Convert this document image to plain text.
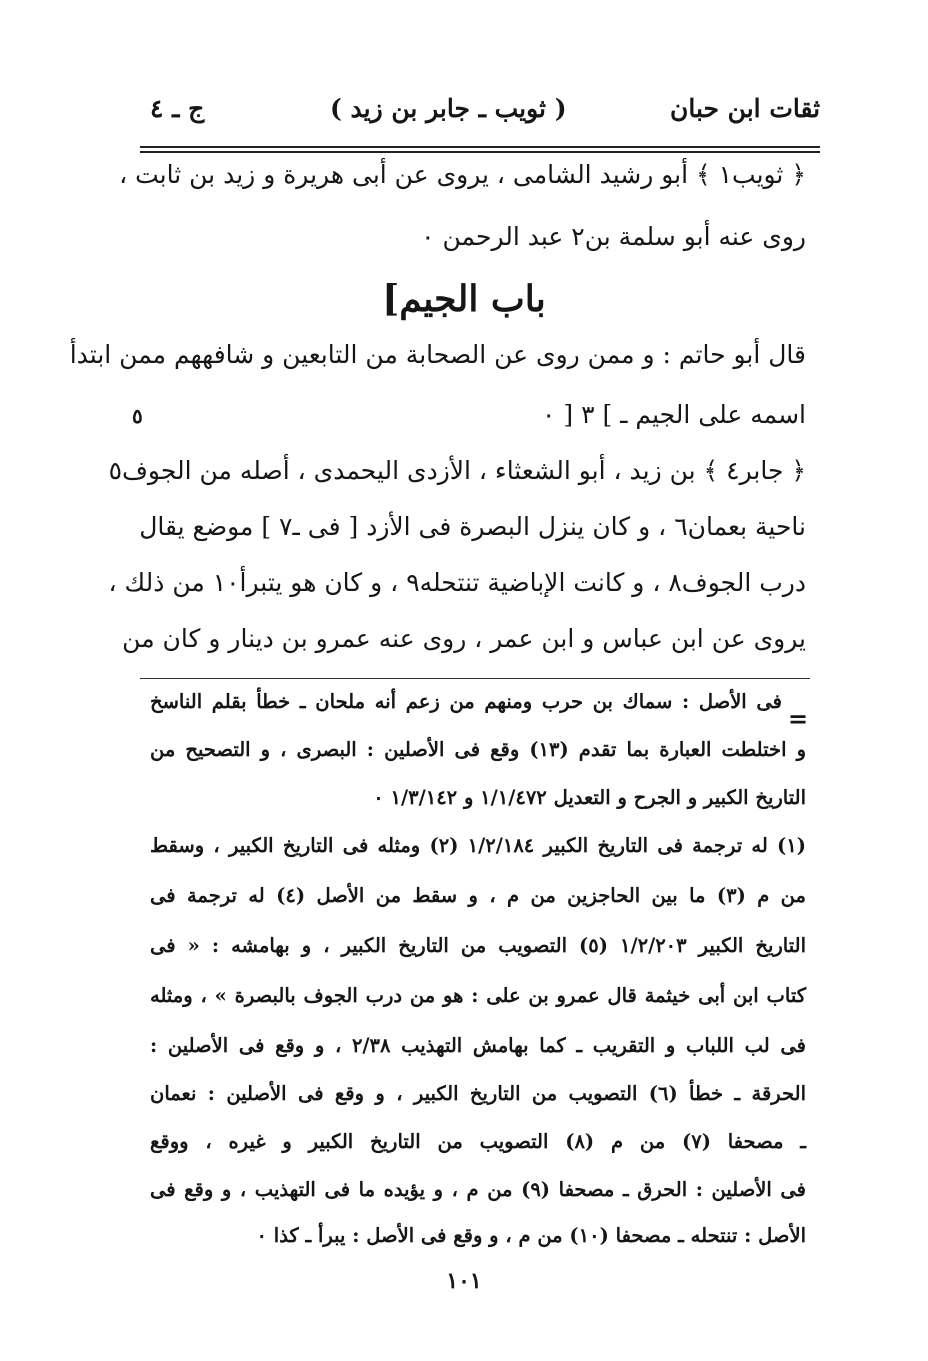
ثقات ابن حبان
( ثويب ـ جابر بن زيد )
ج ـ ٤
﴿ ثويب١ ﴾ أبو رشيد الشامى ، يروى عن أبى هريرة و زيد بن ثابت ،
روى عنه أبو سلمة بن٢ عبد الرحمن ٠
[باب الجيم
قال أبو حاتم : و ممن روى عن الصحابة من التابعين و شافههم ممن ابتدأ
اسمه على الجيم ـ ] ٣ [ ٠
٥
﴿ جابر٤ ﴾ بن زيد ، أبو الشعثاء ، الأزدى اليحمدى ، أصله من الجوف٥
ناحية بعمان٦ ، و كان ينزل البصرة فى الأزد [ فى ـ٧ ] موضع يقال
درب الجوف٨ ، و كانت الإباضية تنتحله٩ ، و كان هو يتبرأ١٠ من ذلك ،
يروى عن ابن عباس و ابن عمر ، روى عنه عمرو بن دينار و كان من
=
فى الأصل : سماك بن حرب ومنهم من زعم أنه ملحان ـ خطأ بقلم الناسخ
و اختلطت العبارة بما تقدم (١٣) وقع فى الأصلين : البصرى ، و التصحيح من
التاريخ الكبير و الجرح و التعديل ١/١/٤٧٢ و ١/٣/١٤٢ ٠
(١) له ترجمة فى التاريخ الكبير ١/٢/١٨٤ (٢) ومثله فى التاريخ الكبير ، وسقط
من م (٣) ما بين الحاجزين من م ، و سقط من الأصل (٤) له ترجمة فى
التاريخ الكبير ١/٢/٢٠٣ (٥) التصويب من التاريخ الكبير ، و بهامشه : « فى
كتاب ابن أبى خيثمة قال عمرو بن على : هو من درب الجوف بالبصرة » ، ومثله
فى لب اللباب و التقريب ـ كما بهامش التهذيب ٢/٣٨ ، و وقع فى الأصلين :
الحرقة ـ خطأ (٦) التصويب من التاريخ الكبير ، و وقع فى الأصلين : نعمان
ـ مصحفا (٧) من م (٨) التصويب من التاريخ الكبير و غيره ، ووقع
فى الأصلين : الحرق ـ مصحفا (٩) من م ، و يؤيده ما فى التهذيب ، و وقع فى
الأصل : تنتحله ـ مصحفا (١٠) من م ، و وقع فى الأصل : يبرأ ـ كذا ٠
١٠١
